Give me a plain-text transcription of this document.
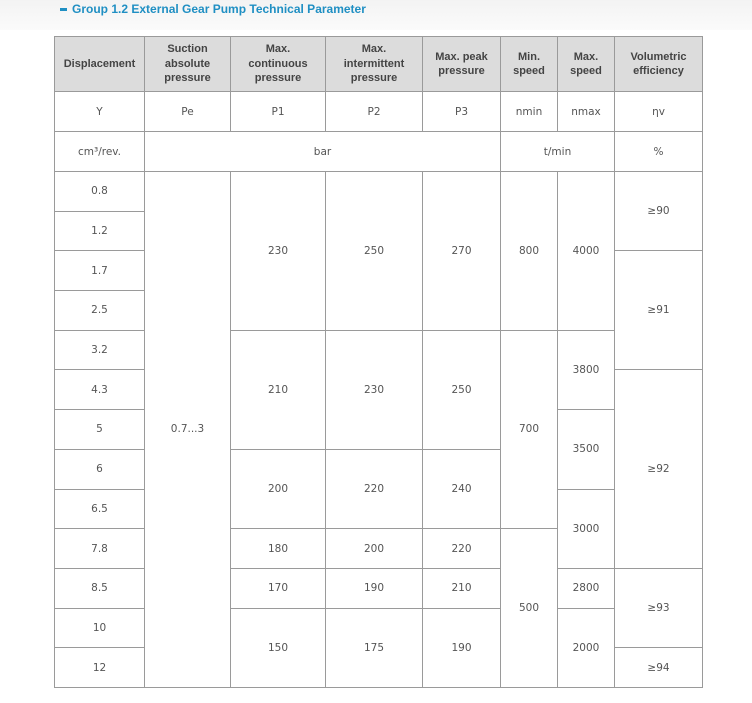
Group 1.2 External Gear Pump Technical Parameter
Displacement	Suction absolute pressure	Max. continuous pressure	Max. intermittent pressure	Max. peak pressure	Min. speed	Max. speed	Volumetric efficiency
Y	Pe	P1	P2	P3	nmin	nmax	ηv
cm³/rev.	bar				t/min		%
0.8	0.7...3	230	250	270	800	4000	≥90
1.2							
1.7							≥91
2.5							
3.2		210	230	250	700	3800	
4.3							≥92
5						3500	
6		200	220	240			
6.5						3000	
7.8		180	200	220	500		
8.5		170	190	210		2800	≥93
10		150	175	190		2000	
12							≥94
